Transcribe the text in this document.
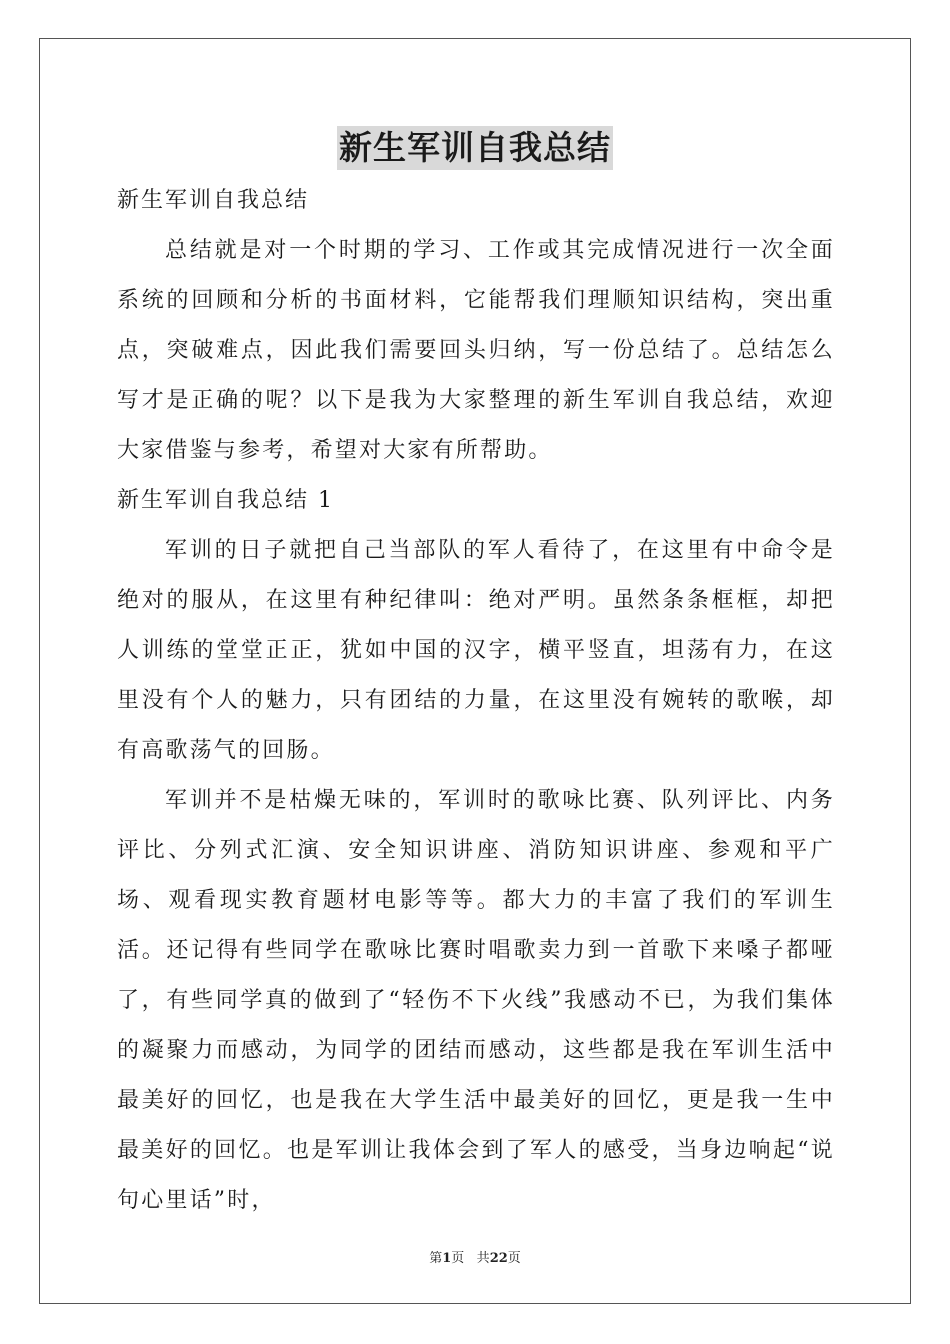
新生军训自我总结
新生军训自我总结
总结就是对一个时期的学习、工作或其完成情况进行一次全面系统的回顾和分析的书面材料，它能帮我们理顺知识结构，突出重点，突破难点，因此我们需要回头归纳，写一份总结了。总结怎么写才是正确的呢？以下是我为大家整理的新生军训自我总结，欢迎大家借鉴与参考，希望对大家有所帮助。
新生军训自我总结 1
军训的日子就把自己当部队的军人看待了，在这里有中命令是绝对的服从，在这里有种纪律叫：绝对严明。虽然条条框框，却把人训练的堂堂正正，犹如中国的汉字，横平竖直，坦荡有力，在这里没有个人的魅力，只有团结的力量，在这里没有婉转的歌喉，却有高歌荡气的回肠。
军训并不是枯燥无味的，军训时的歌咏比赛、队列评比、内务评比、分列式汇演、安全知识讲座、消防知识讲座、参观和平广场、观看现实教育题材电影等等。都大力的丰富了我们的军训生活。还记得有些同学在歌咏比赛时唱歌卖力到一首歌下来嗓子都哑了，有些同学真的做到了“轻伤不下火线”我感动不已，为我们集体的凝聚力而感动，为同学的团结而感动，这些都是我在军训生活中最美好的回忆，也是我在大学生活中最美好的回忆，更是我一生中最美好的回忆。也是军训让我体会到了军人的感受，当身边响起“说句心里话”时，
第1页 共22页
